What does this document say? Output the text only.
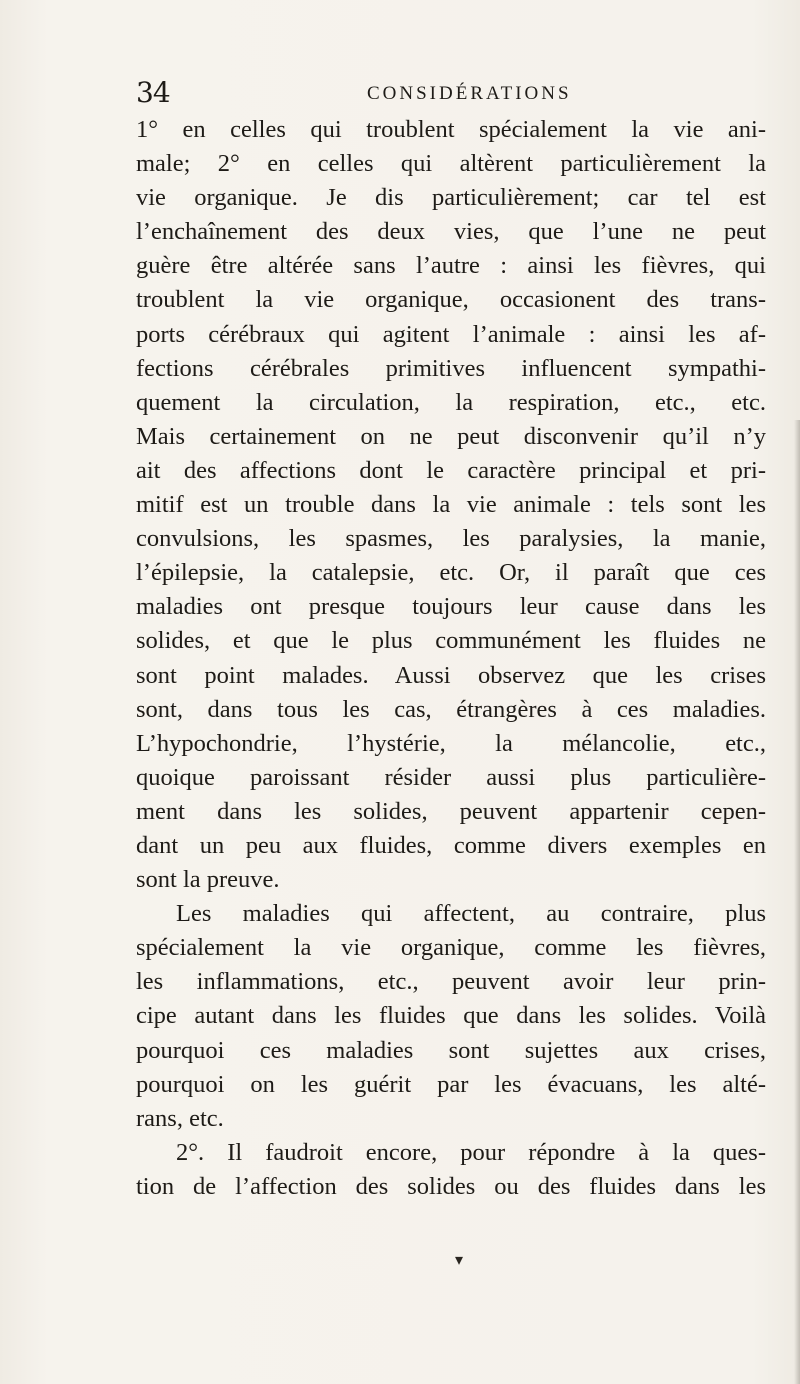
34	CONSIDÉRATIONS
1° en celles qui troublent spécialement la vie ani-
male; 2° en celles qui altèrent particulièrement la
vie organique. Je dis particulièrement; car tel est
l’enchaînement des deux vies, que l’une ne peut
guère être altérée sans l’autre : ainsi les fièvres, qui
troublent la vie organique, occasionent des trans-
ports cérébraux qui agitent l’animale : ainsi les af-
fections cérébrales primitives influencent sympathi-
quement la circulation, la respiration, etc., etc.
Mais certainement on ne peut disconvenir qu’il n’y
ait des affections dont le caractère principal et pri-
mitif est un trouble dans la vie animale : tels sont les
convulsions, les spasmes, les paralysies, la manie,
l’épilepsie, la catalepsie, etc. Or, il paraît que ces
maladies ont presque toujours leur cause dans les
solides, et que le plus communément les fluides ne
sont point malades. Aussi observez que les crises
sont, dans tous les cas, étrangères à ces maladies.
L’hypochondrie, l’hystérie, la mélancolie, etc.,
quoique paroissant résider aussi plus particulière-
ment dans les solides, peuvent appartenir cepen-
dant un peu aux fluides, comme divers exemples en
sont la preuve.
Les maladies qui affectent, au contraire, plus
spécialement la vie organique, comme les fièvres,
les inflammations, etc., peuvent avoir leur prin-
cipe autant dans les fluides que dans les solides. Voilà
pourquoi ces maladies sont sujettes aux crises,
pourquoi on les guérit par les évacuans, les alté-
rans, etc.
2°. Il faudroit encore, pour répondre à la ques-
tion de l’affection des solides ou des fluides dans les
▾
